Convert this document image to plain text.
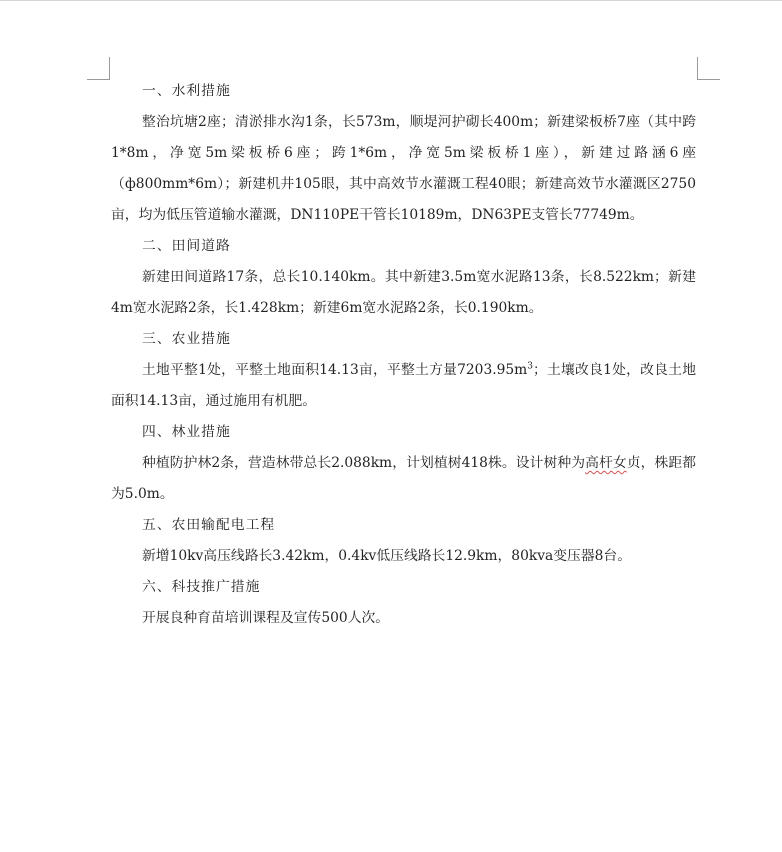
一、水利措施

整治坑塘2座；清淤排水沟1条，长573m，顺堤河护砌长400m；新建梁板桥7座（其中跨1*8m，净宽5m梁板桥6座；跨1*6m，净宽5m梁板桥1座），新建过路涵6座（ф800mm*6m）；新建机井105眼，其中高效节水灌溉工程40眼；新建高效节水灌溉区2750亩，均为低压管道输水灌溉，DN110PE干管长10189m，DN63PE支管长77749m。

二、田间道路

新建田间道路17条，总长10.140km。其中新建3.5m宽水泥路13条，长8.522km；新建4m宽水泥路2条，长1.428km；新建6m宽水泥路2条，长0.190km。

三、农业措施

土地平整1处，平整土地面积14.13亩，平整土方量$7203.95m^3$；土壤改良1处，改良土地面积14.13亩，通过施用有机肥。

四、林业措施

种植防护林2条，营造林带总长2.088km，计划植树418株。设计树种为高杆女贞，株距都为5.0m。

五、农田输配电工程

新增10kv高压线路长3.42km，0.4kv低压线路长12.9km，80kva变压器8台。

六、科技推广措施

开展良种育苗培训课程及宣传500人次。
